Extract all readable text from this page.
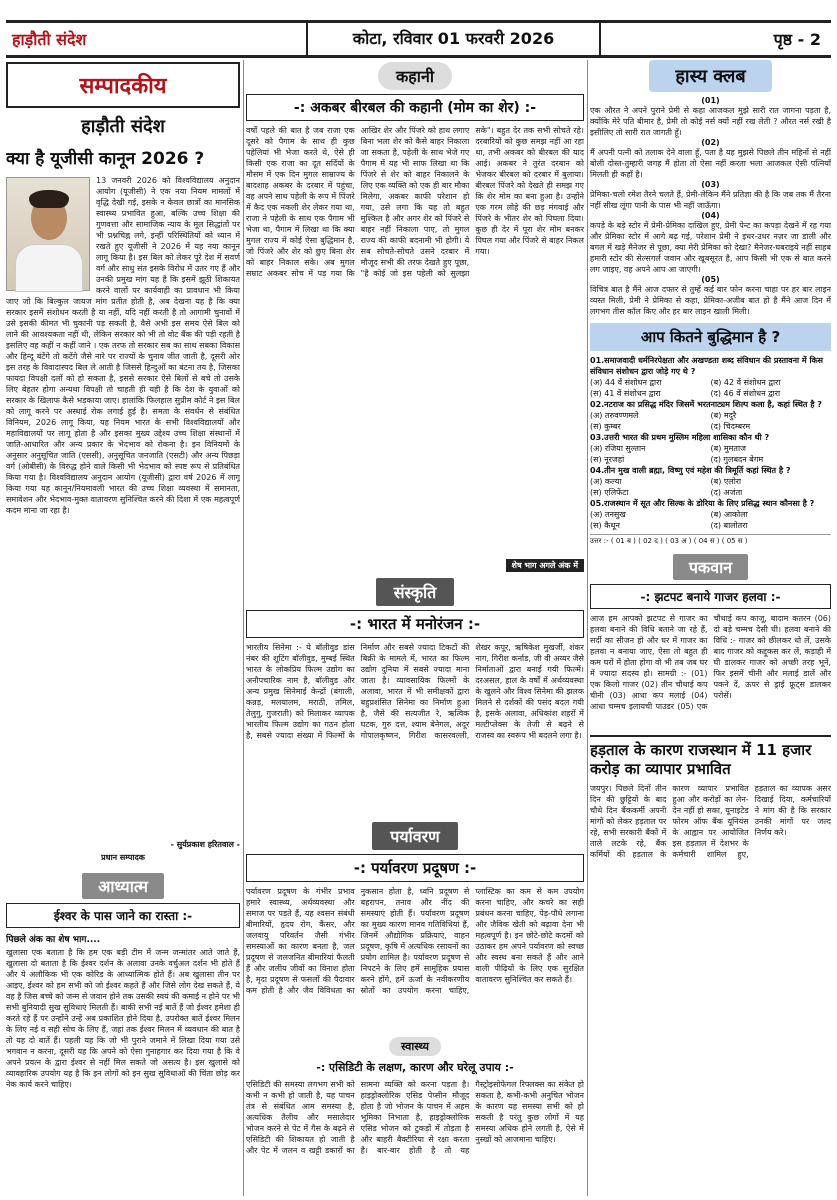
हाड़ौती संदेश	कोटा, रविवार 01 फरवरी 2026	पृष्ठ - 2
सम्पादकीय
हाड़ौती संदेश
क्या है यूजीसी कानून 2026 ?
13 जनवरी 2026 को विश्वविद्यालय अनुदान आयोग (यूजीसी) ने एक नया नियम मामलों में वृद्धि देखी गई, इसके न केवल छात्रों का मानसिक स्वास्थ्य प्रभावित हुआ, बल्कि उच्च शिक्षा की गुणवत्ता और सामाजिक न्याय के मूल सिद्धांतों पर भी प्रश्नचिह्न लगे, इन्हीं परिस्थितियों को ध्यान में रखते हुए यूजीसी ने 2026 में यह नया कानून लागू किया है। इस बिल को लेकर पूरे देश में सवर्ण वर्ग और साधु संत इसके विरोध में उतर गए हैं और उनकी प्रमुख मांग यह है कि इसमें झूठी शिकायत करने वालों पर कार्यवाही का प्रावधान भी किया जाए जो कि बिल्कुल जायज मांग प्रतीत होती है, अब देखना यह है कि क्या सरकार इसमें संशोधन करती है या नहीं, यदि नहीं करती है तो आगामी चुनावों में उसे इसकी कीमत भी चुकानी पड़ सकती है, वैसे अभी इस समय ऐसे बिल को लाने की आवश्यकता नहीं थी, लेकिन सरकार को भी तो वोट बैंक की पड़ी रहती है इसलिए वह कहीं न कहीं जाने । एक तरफ तो सरकार सब का साथ सबका विकास और हिन्दू बंटेंगे तो कटेंगे जैसे नारे पर राज्यों के चुनाव जीत जाती है, दूसरी ओर इस तरह के विवादास्पद बिल ले आती है जिससे हिन्दुओं का बंटना तय है, जिसका फायदा विपक्षी दलों को हो सकता है, इससे सरकार ऐसे बिलों से बचे तो उसके लिए बेहतर होगा अन्यथा विपक्षी तो चाहती ही यही है कि देश के युवाओं को सरकार के खिलाफ कैसे भड़काया जाए। हालांकि फिलहाल सुप्रीम कोर्ट ने इस बिल को लागू करने पर अस्थाई रोक लगाई हुई है। समता के संवर्धन से संबंधित विनियम, 2026 लागू किया, यह नियम भारत के सभी विश्वविद्यालयों और महाविद्यालयों पर लागू होता है और इसका मुख्य उद्देश्य उच्च शिक्षा संस्थानों में जाति-आधारित और अन्य प्रकार के भेदभाव को रोकना है। इन विनियमों के अनुसार अनुसूचित जाति (एससी), अनुसूचित जनजाति (एसटी) और अन्य पिछड़ा वर्ग (ओबीसी) के विरुद्ध होने वाले किसी भी भेदभाव को स्पष्ट रूप से प्रतिबंधित किया गया है। विश्वविद्यालय अनुदान आयोग (यूजीसी) द्वारा वर्ष 2026 में लागू किया गया यह कानून/नियमावली भारत की उच्च शिक्षा व्यवस्था में समानता, समावेशन और भेदभाव-मुक्त वातावरण सुनिश्चित करने की दिशा में एक महत्वपूर्ण कदम माना जा रहा है।
- सुर्यप्रकाश हरितवाल -
प्रधान सम्पादक
आध्यात्म
ईश्वर के पास जाने का रास्ता :-
पिछले अंक का शेष भाग....
खुलासा एक बताता है कि हम एक बड़ी टीम में जन्म जन्मांतर आते जाते हैं, खुलासा दो बताता है कि ईश्वर दर्शन के अलावा उनके वर्चुअल दर्शन भी होते हैं और ये अलौकिक भी एक कोरिड के आध्यात्मिक होते हैं। अब खुलासा तीन पर आइए, ईश्वर को हम सभी को जो ईश्वर कहते हैं और जिसे लोग देख सकते हैं, ये वह है जिस बच्चे को जन्म से जवान होने तक उसकी स्वयं की कमाई न होने पर भी सभी बुनियादी सुख सुविधाएं मिलती हैं। बाकी सभी नई बातें हैं जो ईश्वर हमेशा ही करते रहे हैं पर उन्होंने उन्हें अब प्रकाशित होने दिया है, उपरोक्त बातें ईश्वर मिलन के लिए नई व सही सोच के लिए हैं, जहां तक ईश्वर मिलन में व्यवधान की बात है तो यह दो बातें हैं। पहली यह कि जो भी पुराने जमाने में लिखा दिया गया उसे भगवान न करना, दूसरी यह कि अपने को ऐसा गुनाहगार कर दिया गया है कि वे अपने प्रयत्न के द्वारा ईश्वर से नहीं मिल सकते जो असत्य है। इस खुलासे को व्यावहारिक उपयोग यह है कि इन लोगों को इन सुख सुविधाओं की चिंता छोड़ कर नेक कार्य करने चाहिए।
कहानी
-: अकबर बीरबल की कहानी (मोम का शेर) :-
वर्षों पहले की बात है जब राजा एक दूसरे को पैगाम के साथ ही कुछ पहेलियां भी भेजा करते थे, ऐसे ही किसी एक राजा का दूत सर्दियों के मौसम में एक दिन मुगल साम्राज्य के बादशाह अकबर के दरबार में पहुंचा, वह अपने साथ पहेली के रूप में पिंजरे में कैद एक नकली शेर लेकर गया था, राजा ने पहेली के साथ एक पैगाम भी भेजा था, पैगाम में लिखा था कि क्या मुगल राज्य में कोई ऐसा बुद्धिमान है, जो पिंजरे और शेर को छुए बिना शेर को बाहर निकाल सके। अब मुगल सम्राट अकबर सोच में पड़ गया कि आखिर शेर और पिंजरे को हाथ लगाए बिना भला शेर को कैसे बाहर निकाला जा सकता है, पहेली के साथ भेजे गए पैगाम में यह भी साफ लिखा था कि पिंजरे से शेर को बाहर निकालने के लिए एक व्यक्ति को एक ही बार मौका मिलेगा, अकबर काफी परेशान हो गया, उसे लगा कि यह तो बहुत मुश्किल है और अगर शेर को पिंजरे से बाहर नहीं निकाला पाए, तो मुगल राज्य की काफी बदनामी भी होगी। ये सब सोचते-सोचते उसने दरबार में मौजूद सभी की तरफ देखते हुए पूछा, "है कोई जो इस पहेली को सुलझा सके"। बहुत देर तक सभी सोचते रहे। दरबारियों को कुछ समझ नहीं आ रहा था, तभी अकबर को बीरबल की याद आई। अकबर ने तुरंत दरबान को भेजकर बीरबल को दरबार में बुलाया। बीरबल पिंजरे को देखते ही समझ गए कि शेर मोम का बना हुआ है। उन्होंने एक गरम लोहे की छड़ मंगवाई और पिंजरे के भीतर शेर को पिघला दिया। कुछ ही देर में पूरा शेर मोम बनकर पिघल गया और पिंजरे से बाहर निकल गया।
शेष भाग अगले अंक में
संस्कृति
-: भारत में मनोरंजन :-
भारतीय सिनेमा :- ये बॉलीवुड डांस नंबर की शूटिंग बॉलीवुड, मुम्बई स्थित भारत के लोकप्रिय फिल्म उद्योग का अनौपचारिक नाम है, बॉलीवुड और अन्य प्रमुख सिनेमाई केन्द्रों (बंगाली, कन्नड़, मलयालम, मराठी, तमिल, तेलुगु, गुजराती) को मिलाकर व्यापक भारतीय फिल्म उद्योग का गठन होता है, सबसे ज्यादा संख्या में फिल्मों के निर्माण और सबसे ज्यादा टिकटों की बिक्री के मामले में, भारत का फिल्म उद्योग दुनिया में सबसे ज्यादा माना जाता है। व्यावसायिक फिल्मों के अलावा, भारत में भी समीक्षकों द्वारा बहुप्रशंसित सिनेमा का निर्माण हुआ है, जैसे की सत्यजीत रे, ऋत्विक घटक, गुरु दत्त, श्याम बेनेगल, अदूर गोपालकृष्णन, गिरीश कासरवल्ली, शेखर कपूर, ऋषिकेश मुखर्जी, शंकर नाग, गिरीश कर्नाड, जी वी अय्यर जैसे निर्माताओं द्वारा बनाई गयी फिल्में। दरअसल, हाल के वर्षों में अर्थव्यवस्था के खुलने और विश्व सिनेमा की झलक मिलने से दर्शकों की पसंद बदल गयी है, इसके अलावा, अधिकांश शहरों में मल्टीप्लेक्स के तेजी से बढ़ने से राजस्व का स्वरूप भी बदलने लगा है।
पर्यावरण
-: पर्यावरण प्रदूषण :-
पर्यावरण प्रदूषण के गंभीर प्रभाव हमारे स्वास्थ्य, अर्थव्यवस्था और समाज पर पड़ते हैं, यह श्वसन संबंधी बीमारियों, हृदय रोग, कैंसर, और जलवायु परिवर्तन जैसी गंभीर समस्याओं का कारण बनता है, जल प्रदूषण से जलजनित बीमारियां फैलती हैं और जलीय जीवों का विनाश होता है, मृदा प्रदूषण से फसलों की पैदावार कम होती है और जैव विविधता का नुकसान होता है, ध्वनि प्रदूषण से बहरापन, तनाव और नींद की समस्याएं होती हैं। पर्यावरण प्रदूषण का मुख्य कारण मानव गतिविधियां हैं, जिनमें औद्योगिक प्रक्रियाएं, वाहन प्रदूषण, कृषि में अत्यधिक रसायनों का प्रयोग शामिल है। पर्यावरण प्रदूषण से निपटने के लिए हमें सामूहिक प्रयास करने होंगे, हमें ऊर्जा के नवीकरणीय स्रोतों का उपयोग करना चाहिए, प्लास्टिक का कम से कम उपयोग करना चाहिए, और कचरे का सही प्रबंधन करना चाहिए, पेड़-पौधे लगाना और जैविक खेती को बढ़ावा देना भी महत्वपूर्ण है। इन छोटे-छोटे कदमों को उठाकर हम अपने पर्यावरण को स्वच्छ और स्वस्थ बना सकते हैं और आने वाली पीढ़ियों के लिए एक सुरक्षित वातावरण सुनिश्चित कर सकते हैं।
स्वास्थ्य
-: एसिडिटी के लक्षण, कारण और घरेलू उपाय :-
एसिडिटी की समस्या लगभग सभी को कभी न कभी हो जाती है, यह पाचन तंत्र से संबंधित आम समस्या है, अत्यधिक तैलीय और मसालेदार भोजन करने से पेट में गैस के बढ़ने से एसिडिटी की शिकायत हो जाती है और पेट में जलन व खट्टी डकारों का सामना व्यक्ति को करना पड़ता है। हाइड्रोक्लोरिक एसिड पेप्सीन मौजूद होता है जो भोजन के पाचन में अहम भूमिका निभाता है, हाइड्रोक्लोरिक एसिड भोजन को टुकड़ों में तोड़ता है और बाहरी बैक्टीरिया से रक्षा करता है। बार-बार होती है तो यह गैस्ट्रोइसोफेगल रिफ्लक्स का संकेत हो सकता है, कभी-कभी अनुचित भोजन के कारण यह समस्या सभी को हो सकती है परंतु कुछ लोगों में यह समस्या अधिक होने लगती है, ऐसे में नुस्खों को आजमाना चाहिए।
हास्य क्लब
(01)
एक औरत ने अपने पुराने प्रेमी से कहा आजकल मुझे सारी रात जागना पड़ता है, क्योंकि मेरे पति बीमार है, प्रेमी तो कोई नर्स क्यों नहीं रख लेती ? औरत नर्स रखी है इसीलिए तो सारी रात जागती हूँ।
(02)
मैं अपनी पत्नी को तलाक देने वाला हूँ, पता है यह मुझसे पिछले तीन महिनों से नहीं बोली दोस्त-तुम्हारी जगह मैं होता तो ऐसा नहीं करता भला आजकल ऐसी पत्नियाँ मिलती ही कहाँ है।
(03)
प्रेमिका-चलो रमेश तैरने चलते हैं, प्रेमी-लेकिन मैंने प्रतिज्ञा की है कि जब तक मैं तैरना नहीं सीख लूंगा पानी के पास भी नहीं जाऊँगा।
(04)
कपड़े के बड़े स्टोर में प्रेमी-प्रेमिका दाखिल हुए, प्रेमी पेन्ट का कपड़ा देखने में रह गया और प्रेमिका स्टोर में आगे बढ़ गई, परेशान प्रेमी ने इधर-उधर नज़र जा डाली और बगल में खड़े मैनेजर से पूछा, क्या मेरी प्रेमिका को देखा? मैनेजर-घबराइये नहीं साहब हमारी स्टोर की सेल्सगर्ल जवान और खूबसूरत है, आप किसी भी एक से बात करने लग जाइए, वह अपने आप आ जाएगी।
(05)
विचित्र बात है मैंने आज दफ्तर से तुम्हें कई बार फोन करना चाहा पर हर बार लाइन व्यस्त मिली, प्रेमी ने प्रेमिका से कहा, प्रेमिका-अजीब बात हो है मैंने आज दिन में लगभग तीस कॉल किए और हर बार लाइन खाली मिली।
आप कितने बुद्धिमान है ?
01.समाजवादी धर्मनिरपेक्षता और अखण्डता शब्द संविधान की प्रस्तावना में किस संविधान संशोधन द्वारा जोड़े गए थे ?
(अ) 44 वें संशोधन द्वारा	(ब) 42 वें संशोधन द्वारा
(स) 41 वें संशोधन द्वारा	(द) 46 वें संशोधन द्वारा
02.नटराज का प्रसिद्ध मंदिर जिसमें भरतनाट्यम शिल्प कला है, कहां स्थित है ?
(अ) तरुवण्णमले	(ब) मदुरै
(स) कुम्बर	(द) चिदम्बरम
03.उत्तरी भारत की प्रथम मुस्लिम महिला शासिका कौन थी ?
(अ) रजिया सुल्तान	(ब) मुमताज
(स) नूरजहां	(द) गुलबदन बेगम
04.तीन मुख वाली ब्रह्मा, विष्णु एवं महेश की त्रिमूर्ति कहां स्थित है ?
(अ) कल्या	(ब) एलोरा
(स) एलिफेंटा	(द) अजंता
05.राजस्थान में सूत और सिल्क के डोरिया के लिए प्रसिद्ध स्थान कौनसा है ?
(अ) तनसुख	(ब) आकोला
(स) कैथून	(द) बालोतरा
उत्तर :- ( 01 ब ) ( 02 द ) ( 03 अ ) ( 04 स ) ( 05 स )
पकवान
-: झटपट बनाये गाजर हलवा :-
आज हम आपको झटपट से गाजर का हलवा बनाने की विधि बताने जा रहे हैं, सर्दी का सीजन हो और घर में गाजर का हलवा न बनाया जाए, ऐसा तो बहुत ही कम घरों में होता होगा वो भी तब जब घर में ज्यादा सदस्य हो। सामग्री :- (01) एक किलो गाजर (02) तीन चौथाई कप चीनी (03) आधा कप मलाई (04) आधा चम्मच इलायची पाउडर (05) एक चौथाई कप काजू, बादाम कतरन (06) दो बड़े चम्मच देसी घी। हलवा बनाने की विधि :- गाजर को छीलकर धो लें, उसके बाद गाजर को कद्दूकस कर लें, कड़ाही में घी डालकर गाजर को अच्छी तरह भूनें, फिर इसमें चीनी और मलाई डालें और पकने दें, ऊपर से ड्राई फ्रूट्स डालकर परोसें।
हड़ताल के कारण राजस्थान में 11 हजार करोड़ का व्यापार प्रभावित
जयपुर। पिछले दिनों तीन दिन की छुट्टियों के बाद चौथे दिन बैंककर्मी अपनी मांगों को लेकर हड़ताल पर रहे, सभी सरकारी बैंकों में ताले लटके रहे, बैंक कर्मियों की हड़ताल के कारण व्यापार प्रभावित हुआ और करोड़ों का लेन-देन नहीं हो सका, यूनाइटेड फोरम ऑफ बैंक यूनियंस के आह्वान पर आयोजित इस हड़ताल में देशभर के कर्मचारी शामिल हुए, हड़ताल का व्यापक असर दिखाई दिया, कर्मचारियों ने मांग की है कि सरकार उनकी मांगों पर जल्द निर्णय करे।
